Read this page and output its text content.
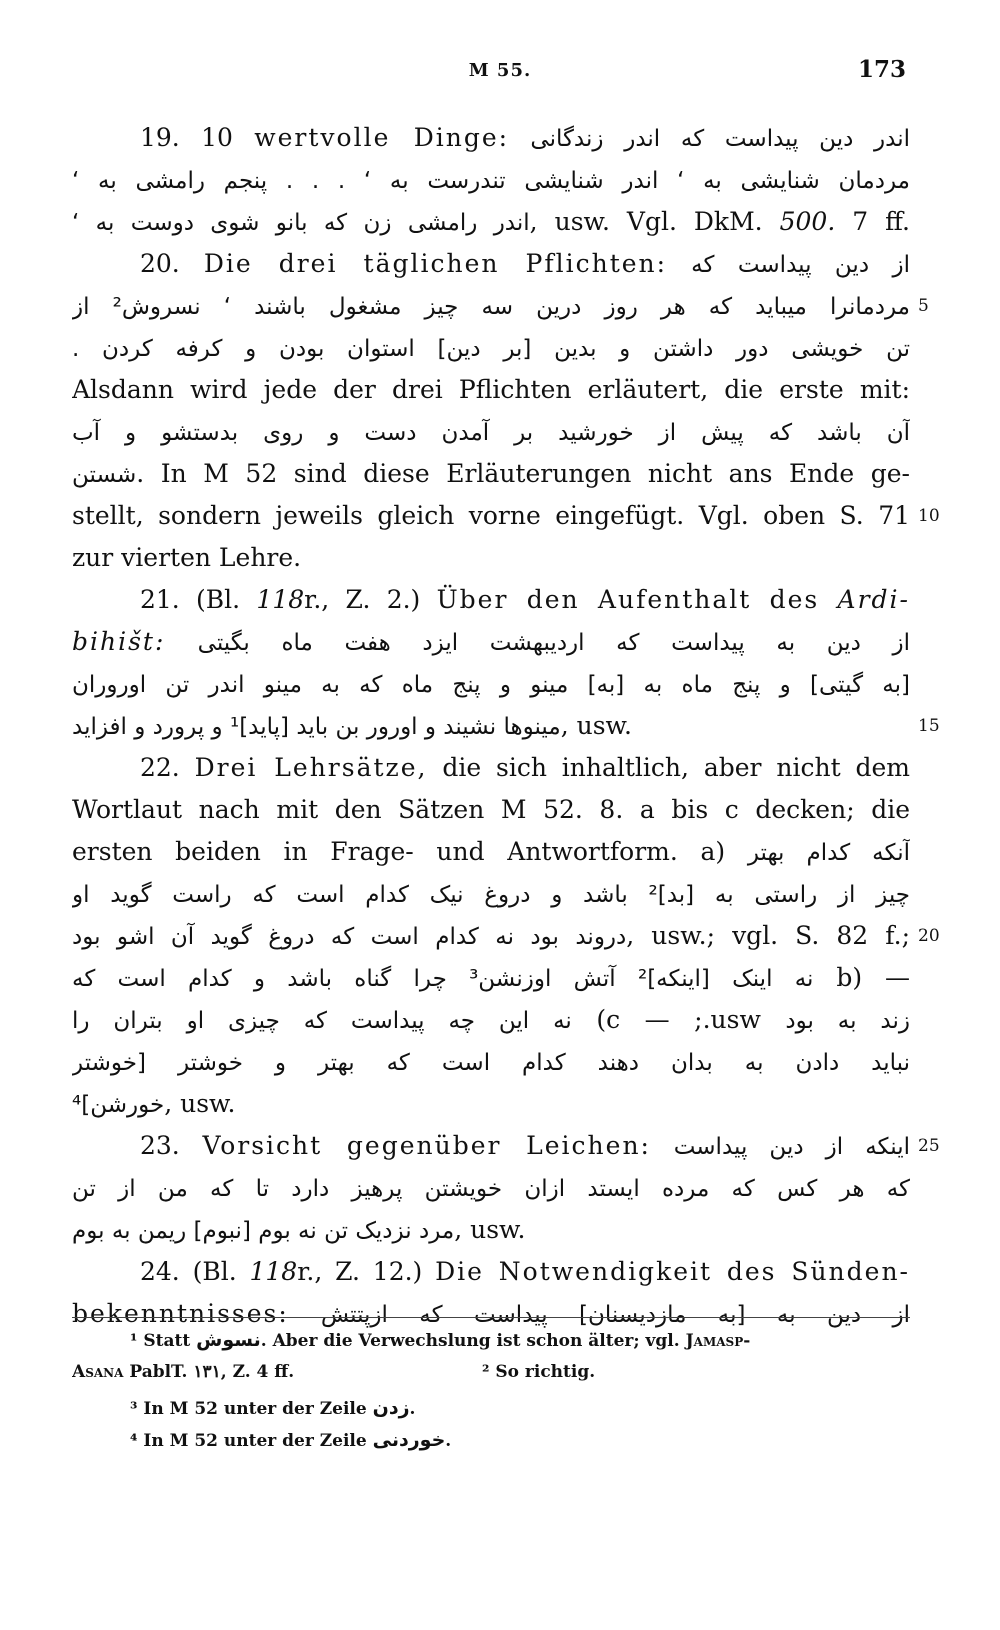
M 55.	173
19. 10 wertvolle Dinge: اندر دین پیداست که اندر زندگانی
مردمان شنایشی به ‘ اندر شنایشی تندرست به ‘ . . . پنجم رامشی به ‘
اندر رامشی زن که بانو شوی دوست به ‘, usw. Vgl. DkM. 500. 7 ff.
20. Die drei täglichen Pflichten: از دین پیداست که
مردمانرا میباید که هر روز درین سه چیز مشغول باشند ‘ نسروش² از 5
تن خویشی دور داشتن و بدین [بر دین] استوان بودن و کرفه کردن .
Alsdann wird jede der drei Pflichten erläutert, die erste mit:
آن باشد که پیش از خورشید بر آمدن دست و روی بدستشو و آب
شستن. In M 52 sind diese Erläuterungen nicht ans Ende ge-
stellt, sondern jeweils gleich vorne eingefügt. Vgl. oben S. 71 10
zur vierten Lehre.
21. (Bl. 118r., Z. 2.) Über den Aufenthalt des Ardi-
bihišt: از دین به پیداست که اردیبهشت ایزد هفت ماه بگیتی
[به گیتی] و پنج ماه به [به] مینو و پنج ماه که به مینو اندر تن اوروران
مینوها نشیند و اورور بن باید [پاید]¹ و پرورد و افزاید, usw.	15
22. Drei Lehrsätze, die sich inhaltlich, aber nicht dem
Wortlaut nach mit den Sätzen M 52. 8. a bis c decken; die
ersten beiden in Frage- und Antwortform. a) آنکه کدام بهتر
چیز از راستی به [بد]² باشد و دروغ نیک کدام است که راست گوید او
دروند بود نه کدام است که دروغ گوید آن اشو بود, usw.; vgl. S. 82 f.; 20
نه اینک [اینکه]² آتش اوزنشن³ چرا گناه باشد و کدام است که b) —
نه این چه پیداست که چیزی او بتران را (c — ;.usw زند به بود
نباید دادن به بدان دهند کدام است که بهتر و خوشتر [خوشتر
خورشن]⁴, usw.
23. Vorsicht gegenüber Leichen: اینکه از دین پیداست 25
که هر کس که مرده ایستد ازان خویشتن پرهیز دارد تا که من از تن
مرد نزدیک تن نه بوم [نبوم] ریمن به بوم, usw.
24. (Bl. 118r., Z. 12.) Die Notwendigkeit des Sünden-
bekenntnisses: از دین به [به مازدیسنان] پیداست که ازپتتش
¹ Statt نسوش. Aber die Verwechslung ist schon älter; vgl. Jamasp-
Asana PablT. ١٣١, Z. 4 ff.	² So richtig.
³ In M 52 unter der Zeile زدن.
⁴ In M 52 unter der Zeile خوردنی.
